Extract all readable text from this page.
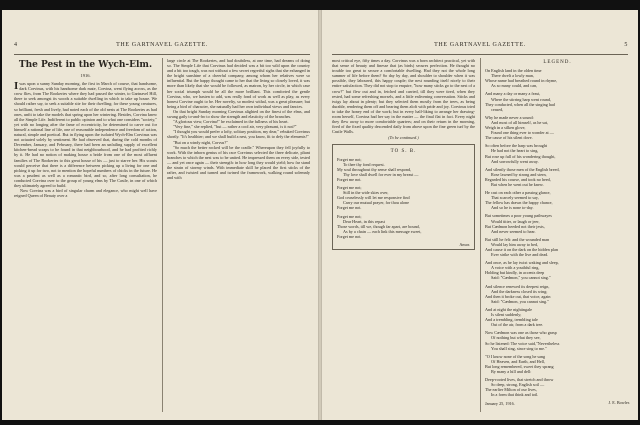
4	THE GARTNAVEL GAZETTE.
The Pest in the Wych-Elm.
1916.

Iwas upon a sunny Sunday morning, the first in March of course, that handsome, dark Corvinus, with his handsome dark mate, Corvina, went flying across, as the crow flies, from The Rookeries where they had passed the winter, to Gartnavel Hill, there to seek amongst its woods a suitable dwelling in which to take up house. We should rather say, to seek a suitable site for their dwelling; for these young creatures, so brilliant, fresh and lively, had noted each of the old nests at The Rookeries as bad ones, unfit to take the models that spring upon her wintering. Besides, Corvina knew all the Simple Life. Indifferent to public opinion and to what one considers "society," yet with no longing after the fame of eccentricity, he determined to carve out for himself a rational line of life, one of reasonable independence and freedom of action, natural, simple and poetical. But in flying upon the isolated Wych-Elm Corvinus was not actuated solely by sentiment. He had observed that, during the cold months of December, January, and February, there had been an unfailing supply of excellent kitchen-bread scraps to be found in that neighbourhood, and he had profited richly by it. He had no notion of making house a bride from one of the most affluent families of The Rookeries to this great house of his — just to starve her. His scouts would perceive that there is a difference between picking up a living for one and picking it up for two, not to mention the hopeful numbers of chicks in the future. He was a prudent as well as a romantic bird, and so, after long consultation, he conducted Corvina over to the group of young elms by The Castle, in one of which they ultimately agreed to build.

Now Corvina was a bird of singular charm and elegance, who might well have reigned Queen of Beauty over a

large circle at The Rookeries, and had doubtless, at one time, had dreams of doing so. The Simple Life that Corvinus had decided was a bit too wild upon the country and a bit too tough, was not without a few secret regretful sighs that she exhanged in the bright sunshine of a cheerful company, among whom her relatives were so influential. But the happy thought came to her that the living so closely loved, it was more than likely that she would be followed, as matron, by her circle, in which case her social triumph would be all the more brilliant. This comforted the gentle Corvina, who, we hasten to add, was really fond of work as well as play, as every honest Corvine ought to be. Her novelty, so modest withal, was a great pleasure; but being a bird of character, she naturally had her own individual views and fancies.

On that bright Sunday morning Corvinus alighted on the finest of the elms, and swung gaily to-and-fro to show the strength and elasticity of the branches.

"A glorious view, Corvina!" he exclaimed in the fullness of his heart.

"Very fine," she replied, "but — rather a cool air, very pleasant, is it not?"

"I thought you would prefer a lofty, solitary position, my dear," rebuked Corvinus shortly. "It's healthier; and we shall build a nest, you know, fit to defy the elements!"

"But on a windy night, Corvus?"

"So much the better rocked will be the cradle." Whereupon they fell joyfully to work. With the inborn genius of his race Corvinus selected the three delicate, pliant branches to which the nest was to be united. He impressed them on every side, tested — and yet once again — their strength: in how long they would yield; how far stand the strain of stormy winds. With immediate skill he placed the first sticks of the rafter, and twisted and turned and twined the framework, walking round solemnly and with

THE GARTNAVEL GAZETTE.	5

most critical eye, fifty times a day. Corvinus was a born architect practical, yet with that sense of beauty and finesse that (as birds) secures perfection. He thought no trouble too great to secure a comfortable dwelling. Had they not the whole long summer of life before them? So day by day, and shoulder to shoulder when it was possible, they laboured, this happy couple; the nest rounding itself nicely to their entire satisfaction. They did not stop to enquire, "how many sticks go to the nest of a crow?" but flew out and in, fetched and carried, till they were tired, when they rested, had some refreshing morsels, and a little enlivening conversation. Sticks and twigs lay about in plenty; but they selected them mostly from the trees, as being durable, rendering them off and bearing them aloft with pride and joy. Corvinus tried to take the honey end of the work; but in every half-liking to arrange her drawing-room herself, Corvina had her say in the matter — the final flat in fact. Every night they flew away to more comfortable quarters; and on their return in the morning, fired of the fixed quality descended daily from above upon the fine green turf by the Castle Walls.

(To be continued.)
TO S. B.
Forget me not;
To thee thy fond request.
My soul throughout thy sense shall respond,
Thy love shall dwell for ever in my breast —
Forget me not.
Forget me not;
Still in the wide skies over,
God ceaselessly will let me responsive find
Carry our mutual prayer, for thou alone
Forget me not.
Forget me not;
Dear Heart, in this repast
Those words, till we, though far apart, are bound,
As by a chain — each link this message sweet,
Forget me not.
Amor.
LEGEND.
On English land in the olden time
There dwelt a lowly man,
Whose name had breathed round in rhyme,
As so many could, and can,
And many a day or many a feast,
Where the stirring harp went round,
They conducted, when all the singing had
ceased,
Why he made never a sound:
And most of all himself, as he sat,
Weigh in a silken glove,
Found one thing ever to wonder at —
The cause of his silent dove.
So often before the harp was brought
He had not the heart to sing,
But rose up full of his wondering thought,
And sorrowfully went away.
And silently those men of the English breed,
Rose lawned by strong and stern,
Regarded his course, and took no heed,
But when he went out he knew.
He cast on each other a passing glance,
That scarcely seemed to say,
The fellow has drawn the happy chance,
And so he is none to-day.
But sometimes a poor young pathwayes
Would titter, or laugh or jeer,
But Cædmon heeded not their jests,
And never seemed to hear.
But still he felt: and the wounded man
Would lay him away to bed,
And cause it on the dark on the hidden plan
Ever strike with the live and dead.
And once, as he lay twixt waking and sleep,
A voice with a youthful ring,
Holding but kindly, in accents deep
Said: "Cædmon," you cannot sing."
And silence renewed its deepest reign,
And the darkness closed its wing;
And then it broke out, that voice, again
Said: "Cædmon, you cannot sing."
And at night the nightingale
Is silent suddenly;
And a trembling, trembling tale
Out of the air, from a dark tree.
Now Cædmon was one as those who grasp
Of nothing but what they see,
So he listened: The voice said,"Nevertheless
You shall sing, since sing to me."
"O I know none of the song he sang
Of Heaven, and Earth, and Hell,
But long remembered, sweet they sprang
By many a hill and dell:
Deep-rooted lives, that stretch and throw
So deep, strong, English soil —
The earlier Milton of our lives,
In a form that think and toil.
January 25, 1916.	J. E. Bowler.
